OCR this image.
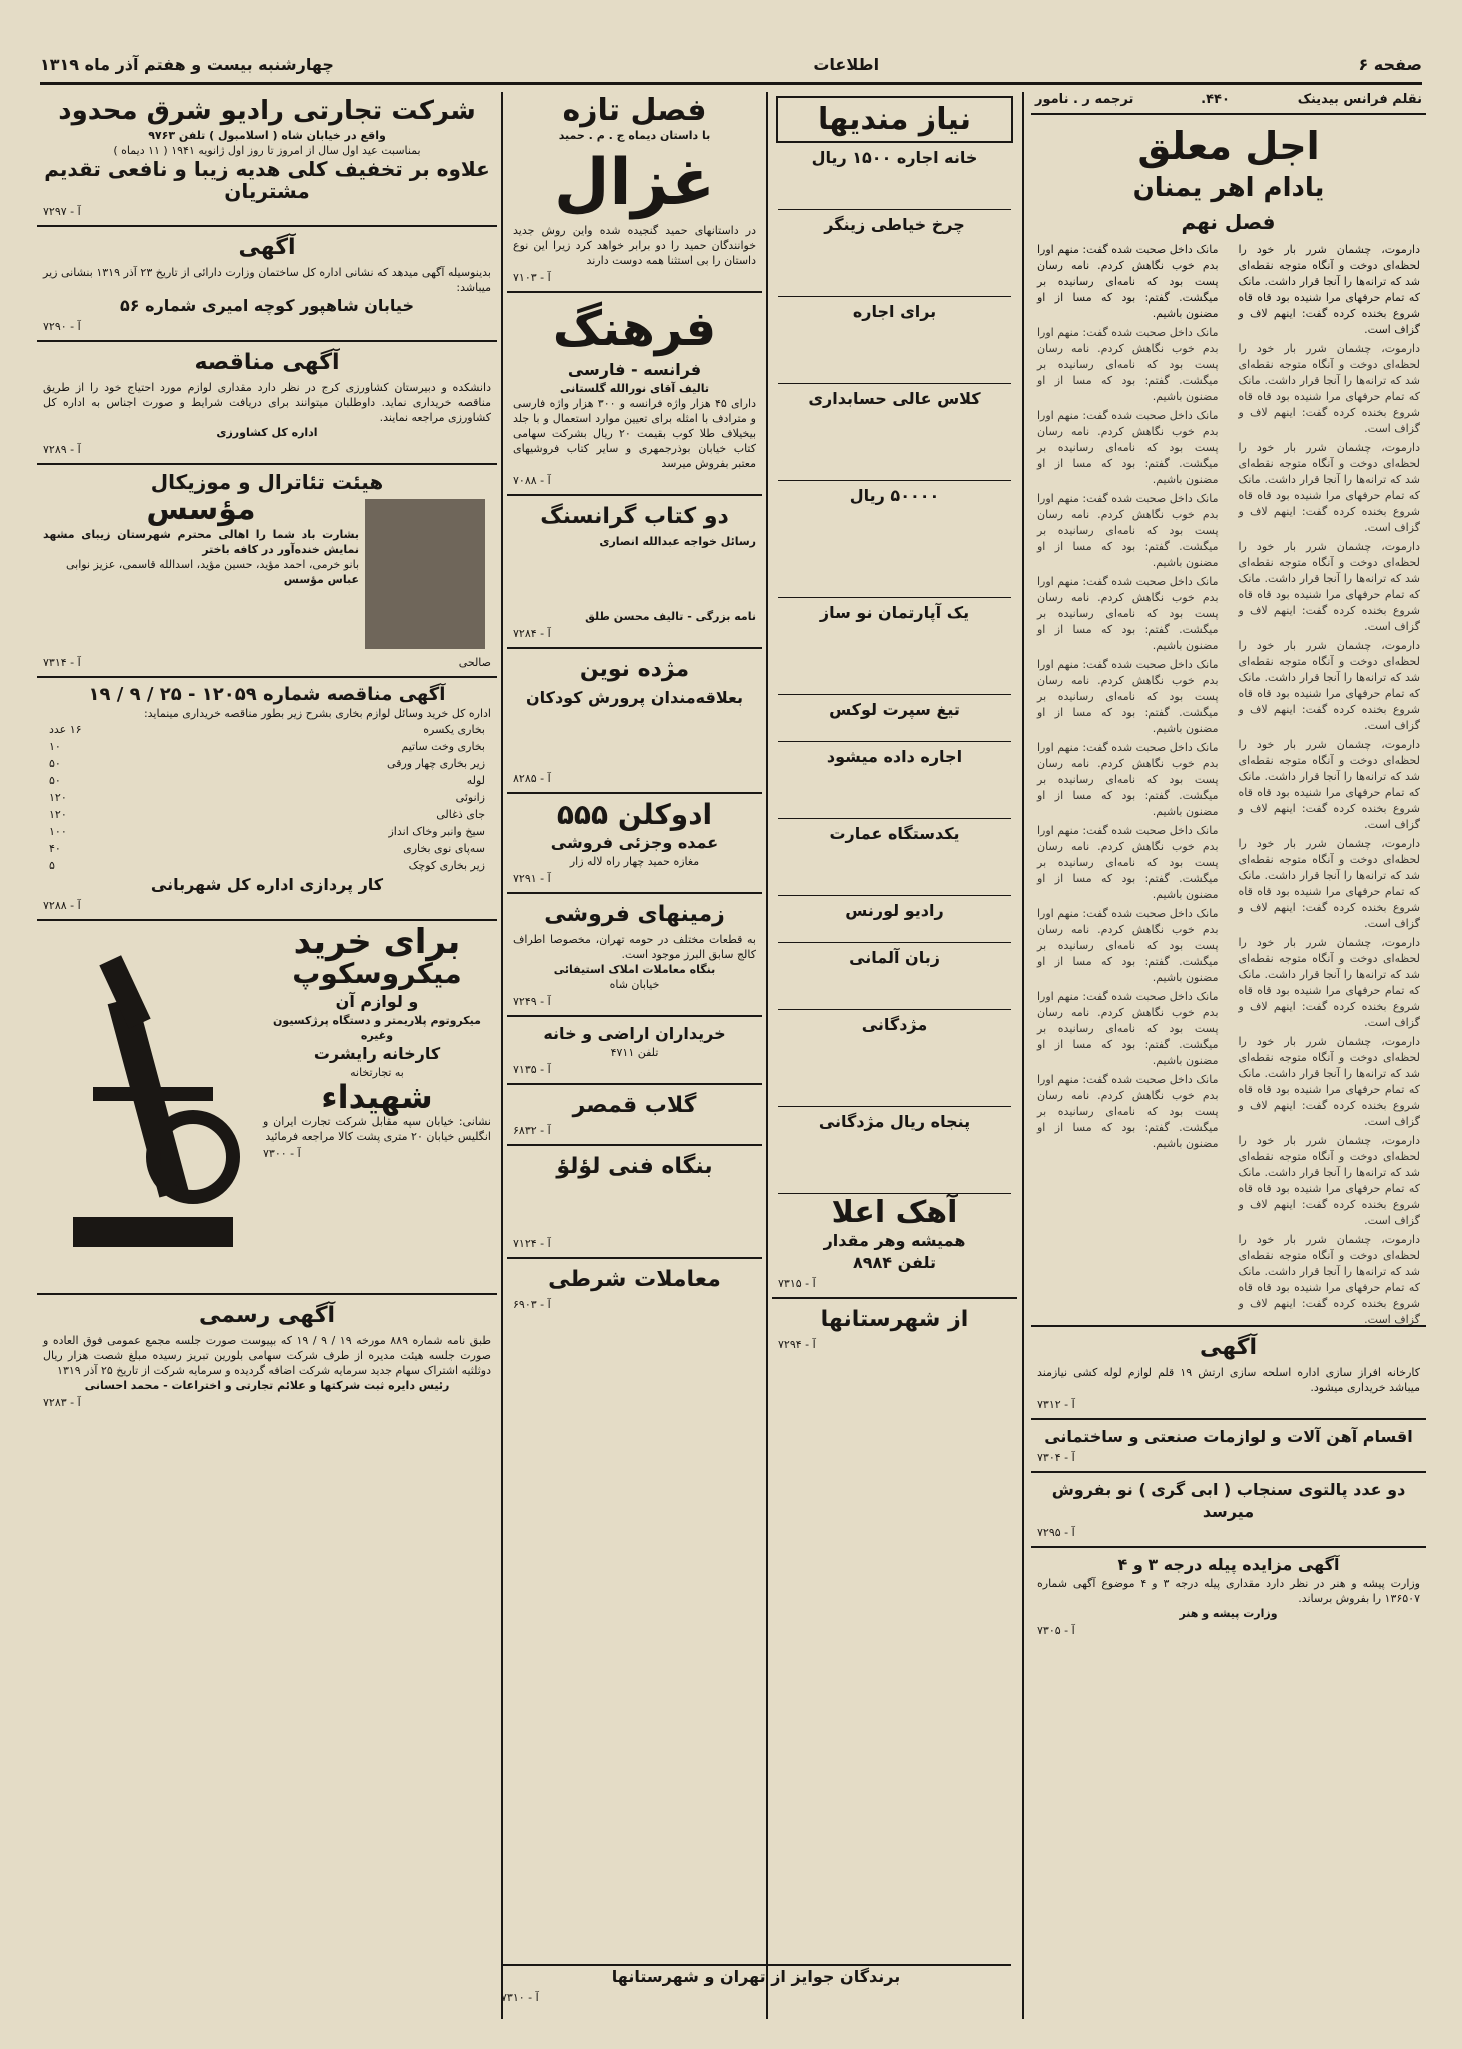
صفحه ۶
اطلاعات
چهارشنبه بیست و هفتم آذر ماه ۱۳۱۹
نقلم فرانس بیدینک
۴۴۰.
ترجمه ر . نامور
اجل معلق
یادام اهر یمنان
فصل نهم

دارموت، چشمان شرر بار خود را لحظه‌ای دوخت و آنگاه متوجه نقطه‌ای شد که ترانه‌ها را آنجا قرار داشت. مانک که تمام حرفهای مرا شنیده بود قاه قاه شروع بخنده کرده گفت: اینهم لاف و گزاف است.

دارموت، چشمان شرر بار خود را لحظه‌ای دوخت و آنگاه متوجه نقطه‌ای شد که ترانه‌ها را آنجا قرار داشت. مانک که تمام حرفهای مرا شنیده بود قاه قاه شروع بخنده کرده گفت: اینهم لاف و گزاف است.

دارموت، چشمان شرر بار خود را لحظه‌ای دوخت و آنگاه متوجه نقطه‌ای شد که ترانه‌ها را آنجا قرار داشت. مانک که تمام حرفهای مرا شنیده بود قاه قاه شروع بخنده کرده گفت: اینهم لاف و گزاف است.

دارموت، چشمان شرر بار خود را لحظه‌ای دوخت و آنگاه متوجه نقطه‌ای شد که ترانه‌ها را آنجا قرار داشت. مانک که تمام حرفهای مرا شنیده بود قاه قاه شروع بخنده کرده گفت: اینهم لاف و گزاف است.

دارموت، چشمان شرر بار خود را لحظه‌ای دوخت و آنگاه متوجه نقطه‌ای شد که ترانه‌ها را آنجا قرار داشت. مانک که تمام حرفهای مرا شنیده بود قاه قاه شروع بخنده کرده گفت: اینهم لاف و گزاف است.

دارموت، چشمان شرر بار خود را لحظه‌ای دوخت و آنگاه متوجه نقطه‌ای شد که ترانه‌ها را آنجا قرار داشت. مانک که تمام حرفهای مرا شنیده بود قاه قاه شروع بخنده کرده گفت: اینهم لاف و گزاف است.

دارموت، چشمان شرر بار خود را لحظه‌ای دوخت و آنگاه متوجه نقطه‌ای شد که ترانه‌ها را آنجا قرار داشت. مانک که تمام حرفهای مرا شنیده بود قاه قاه شروع بخنده کرده گفت: اینهم لاف و گزاف است.

دارموت، چشمان شرر بار خود را لحظه‌ای دوخت و آنگاه متوجه نقطه‌ای شد که ترانه‌ها را آنجا قرار داشت. مانک که تمام حرفهای مرا شنیده بود قاه قاه شروع بخنده کرده گفت: اینهم لاف و گزاف است.

دارموت، چشمان شرر بار خود را لحظه‌ای دوخت و آنگاه متوجه نقطه‌ای شد که ترانه‌ها را آنجا قرار داشت. مانک که تمام حرفهای مرا شنیده بود قاه قاه شروع بخنده کرده گفت: اینهم لاف و گزاف است.

دارموت، چشمان شرر بار خود را لحظه‌ای دوخت و آنگاه متوجه نقطه‌ای شد که ترانه‌ها را آنجا قرار داشت. مانک که تمام حرفهای مرا شنیده بود قاه قاه شروع بخنده کرده گفت: اینهم لاف و گزاف است.

دارموت، چشمان شرر بار خود را لحظه‌ای دوخت و آنگاه متوجه نقطه‌ای شد که ترانه‌ها را آنجا قرار داشت. مانک که تمام حرفهای مرا شنیده بود قاه قاه شروع بخنده کرده گفت: اینهم لاف و گزاف است.

مانک داخل صحبت شده گفت: منهم اورا بدم خوب نگاهش کردم. نامه رسان پست بود که نامه‌ای رسانیده بر میگشت. گفتم: بود که مسا از او مضنون باشیم.

مانک داخل صحبت شده گفت: منهم اورا بدم خوب نگاهش کردم. نامه رسان پست بود که نامه‌ای رسانیده بر میگشت. گفتم: بود که مسا از او مضنون باشیم.

مانک داخل صحبت شده گفت: منهم اورا بدم خوب نگاهش کردم. نامه رسان پست بود که نامه‌ای رسانیده بر میگشت. گفتم: بود که مسا از او مضنون باشیم.

مانک داخل صحبت شده گفت: منهم اورا بدم خوب نگاهش کردم. نامه رسان پست بود که نامه‌ای رسانیده بر میگشت. گفتم: بود که مسا از او مضنون باشیم.

مانک داخل صحبت شده گفت: منهم اورا بدم خوب نگاهش کردم. نامه رسان پست بود که نامه‌ای رسانیده بر میگشت. گفتم: بود که مسا از او مضنون باشیم.

مانک داخل صحبت شده گفت: منهم اورا بدم خوب نگاهش کردم. نامه رسان پست بود که نامه‌ای رسانیده بر میگشت. گفتم: بود که مسا از او مضنون باشیم.

مانک داخل صحبت شده گفت: منهم اورا بدم خوب نگاهش کردم. نامه رسان پست بود که نامه‌ای رسانیده بر میگشت. گفتم: بود که مسا از او مضنون باشیم.

مانک داخل صحبت شده گفت: منهم اورا بدم خوب نگاهش کردم. نامه رسان پست بود که نامه‌ای رسانیده بر میگشت. گفتم: بود که مسا از او مضنون باشیم.

مانک داخل صحبت شده گفت: منهم اورا بدم خوب نگاهش کردم. نامه رسان پست بود که نامه‌ای رسانیده بر میگشت. گفتم: بود که مسا از او مضنون باشیم.

مانک داخل صحبت شده گفت: منهم اورا بدم خوب نگاهش کردم. نامه رسان پست بود که نامه‌ای رسانیده بر میگشت. گفتم: بود که مسا از او مضنون باشیم.

مانک داخل صحبت شده گفت: منهم اورا بدم خوب نگاهش کردم. نامه رسان پست بود که نامه‌ای رسانیده بر میگشت. گفتم: بود که مسا از او مضنون باشیم.

آگهی
کارخانه افراز سازی اداره اسلحه سازی ارتش ۱۹ قلم لوازم لوله کشی نیازمند میباشد خریداری میشود.
آ - ۷۳۱۲
اقسام آهن آلات و لوازمات صنعتی و ساختمانی
آ - ۷۳۰۴
دو عدد پالتوی سنجاب ( ابی گری ) نو بفروش میرسد
آ - ۷۲۹۵
آگهی مزایده پیله درجه ۳ و ۴
وزارت پیشه و هنر در نظر دارد مقداری پیله درجه ۳ و ۴ موضوع آگهی شماره ۱۳۶۵۰۷ را بفروش برساند.
وزارت پیشه و هنر
آ - ۷۳۰۵
نیاز مندیها
خانه اجاره ۱۵۰۰ ریال
چرخ خیاطی زینگر
برای اجاره
کلاس عالی حسابداری
۵۰۰۰۰ ریال
یک آپارتمان نو ساز
تیغ سپرت لوکس
اجاره داده میشود
یکدستگاه عمارت
رادیو لورنس
زبان آلمانی
مژدگانی
پنجاه ریال مژدگانی
آهک اعلا
همیشه وهر مقدار
تلفن ۸۹۸۴
آ - ۷۳۱۵
از شهرستانها
آ - ۷۲۹۴
فصل تازه
با داستان دیماه ج . م . حمید
غزال
در داستانهای حمید گنجیده شده واین روش جدید خوانندگان حمید را دو برابر خواهد کرد زیرا این نوع داستان را بی استثنا همه دوست دارند
آ - ۷۱۰۳
فرهنگ
فرانسه - فارسی
تالیف آقای نورالله گلستانی
دارای ۴۵ هزار واژه فرانسه و ۳۰۰ هزار واژه فارسی و مترادف با امثله برای تعیین موارد استعمال و با جلد بیخیلاف طلا کوب بقیمت ۲۰ ریال بشرکت سهامی کتاب خیابان بوذرجمهری و سایر کتاب فروشیهای معتبر بفروش میرسد
آ - ۷۰۸۸
دو کتاب گرانسنگ
رسائل خواجه عبدالله انصاری
نامه بزرگی - تالیف محسن طلق
آ - ۷۲۸۴
مژده نوین
بعلاقه‌مندان پرورش کودکان
آ - ۸۲۸۵
ادوکلن ۵۵۵
عمده وجزئی فروشی
مغازه حمید چهار راه لاله زار
آ - ۷۲۹۱
زمینهای فروشی
به قطعات مختلف در حومه تهران، مخصوصا اطراف کالج سابق البرز موجود است.
بنگاه معاملات املاک استیفائی
خیابان شاه
آ - ۷۲۴۹
خریداران اراضی و خانه
تلفن ۴۷۱۱
آ - ۷۱۳۵
گلاب قمصر
آ - ۶۸۳۲
بنگاه فنی لؤلؤ
آ - ۷۱۲۴
معاملات شرطی
آ - ۶۹۰۳
شرکت تجارتی رادیو شرق محدود
واقع در خیابان شاه ( اسلامبول ) تلفن ۹۷۶۳
بمناسبت عید اول سال از امروز تا روز اول ژانویه ۱۹۴۱ ( ۱۱ دیماه )
علاوه بر تخفیف کلی هدیه زیبا و نافعی تقدیم مشتریان
آ - ۷۲۹۷
آگهی
بدینوسیله آگهی میدهد که نشانی اداره کل ساختمان وزارت دارائی از تاریخ ۲۳ آذر ۱۳۱۹ بنشانی زیر میباشد:
خیابان شاهپور کوچه امیری شماره ۵۶
آ - ۷۲۹۰
آگهی مناقصه
دانشکده و دبیرستان کشاورزی کرج در نظر دارد مقداری لوازم مورد احتیاج خود را از طریق مناقصه خریداری نماید. داوطلبان میتوانند برای دریافت شرایط و صورت اجناس به اداره کل کشاورزی مراجعه نمایند.
اداره کل کشاورزی
آ - ۷۲۸۹
هیئت تئاترال و موزیکال
مؤسس
بشارت باد شما را اهالی محترم شهرستان زیبای مشهد نمایش خنده‌آور در کافه باختر
بانو خرمی، احمد مؤید، حسین مؤید، اسدالله قاسمی، عزیز نوابی
عباس مؤسس
صالحی
آ - ۷۳۱۴
آگهی مناقصه شماره ۱۲۰۵۹ - ۲۵ / ۹ / ۱۹
اداره کل خرید وسائل لوازم بخاری بشرح زیر بطور مناقصه خریداری مینماید:
بخاری یکسره
۱۶ عدد
بخاری وخت ساتیم
۱۰
زیر بخاری چهار ورقی
۵۰
لوله
۵۰
زانوئی
۱۲۰
جای ذغالی
۱۲۰
سیخ وانبر وخاک انداز
۱۰۰
سه‌پای نوی بخاری
۴۰
زیر بخاری کوچک
۵
کار پردازی اداره کل شهربانی
آ - ۷۲۸۸
REICHERT
برای خرید
میکروسکوپ
و لوازم آن
میکروتوم پلاریمتر و دستگاه پرژکسیون وغیره
کارخانه رایشرت
به تجارتخانه
شهیداء
نشانی: خیابان سپه مقابل شرکت تجارت ایران و انگلیس خیابان ۲۰ متری پشت کالا مراجعه فرمائید
آ - ۷۳۰۰
آگهی رسمی
طبق نامه شماره ۸۸۹ مورخه ۱۹ / ۹ / ۱۹ که بپیوست صورت جلسه مجمع عمومی فوق العاده و صورت جلسه هیئت مدیره از طرف شرکت سهامی بلورین تبریز رسیده مبلغ شصت هزار ریال دوثلثیه اشتراک سهام جدید سرمایه شرکت اضافه گردیده و سرمایه شرکت از تاریخ ۲۵ آذر ۱۳۱۹
رئیس دایره ثبت شرکتها و علائم تجارتی و اختراعات - محمد احسانی
آ - ۷۲۸۳
برندگان جوایز از تهران و شهرستانها
آ - ۷۳۱۰
